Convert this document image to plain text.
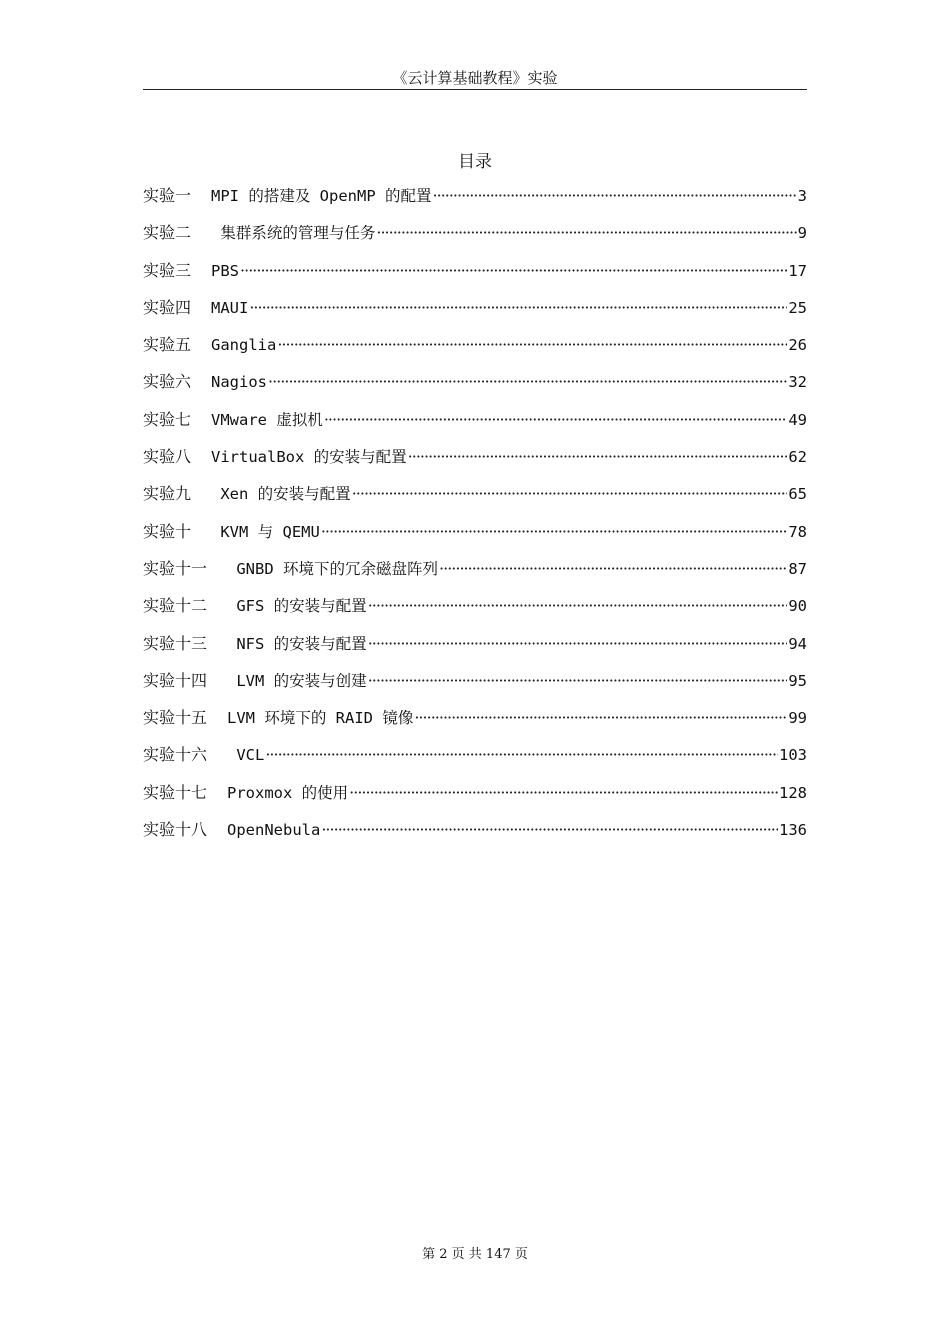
《云计算基础教程》实验
目录
实验一 MPI 的搭建及 OpenMP 的配置 ·····	3
实验二 集群系统的管理与任务 ·····	9
实验三 PBS ·····	17
实验四 MAUI ·····	25
实验五 Ganglia ·····	26
实验六 Nagios ·····	32
实验七 VMware 虚拟机 ·····	49
实验八 VirtualBox 的安装与配置 ·····	62
实验九 Xen 的安装与配置 ·····	65
实验十 KVM 与 QEMU ·····	78
实验十一 GNBD 环境下的冗余磁盘阵列 ·····	87
实验十二 GFS 的安装与配置 ·····	90
实验十三 NFS 的安装与配置 ·····	94
实验十四 LVM 的安装与创建 ·····	95
实验十五 LVM 环境下的 RAID 镜像 ·····	99
实验十六 VCL ·····	103
实验十七 Proxmox 的使用 ·····	128
实验十八 OpenNebula ·····	136
第 2 页 共 147 页
